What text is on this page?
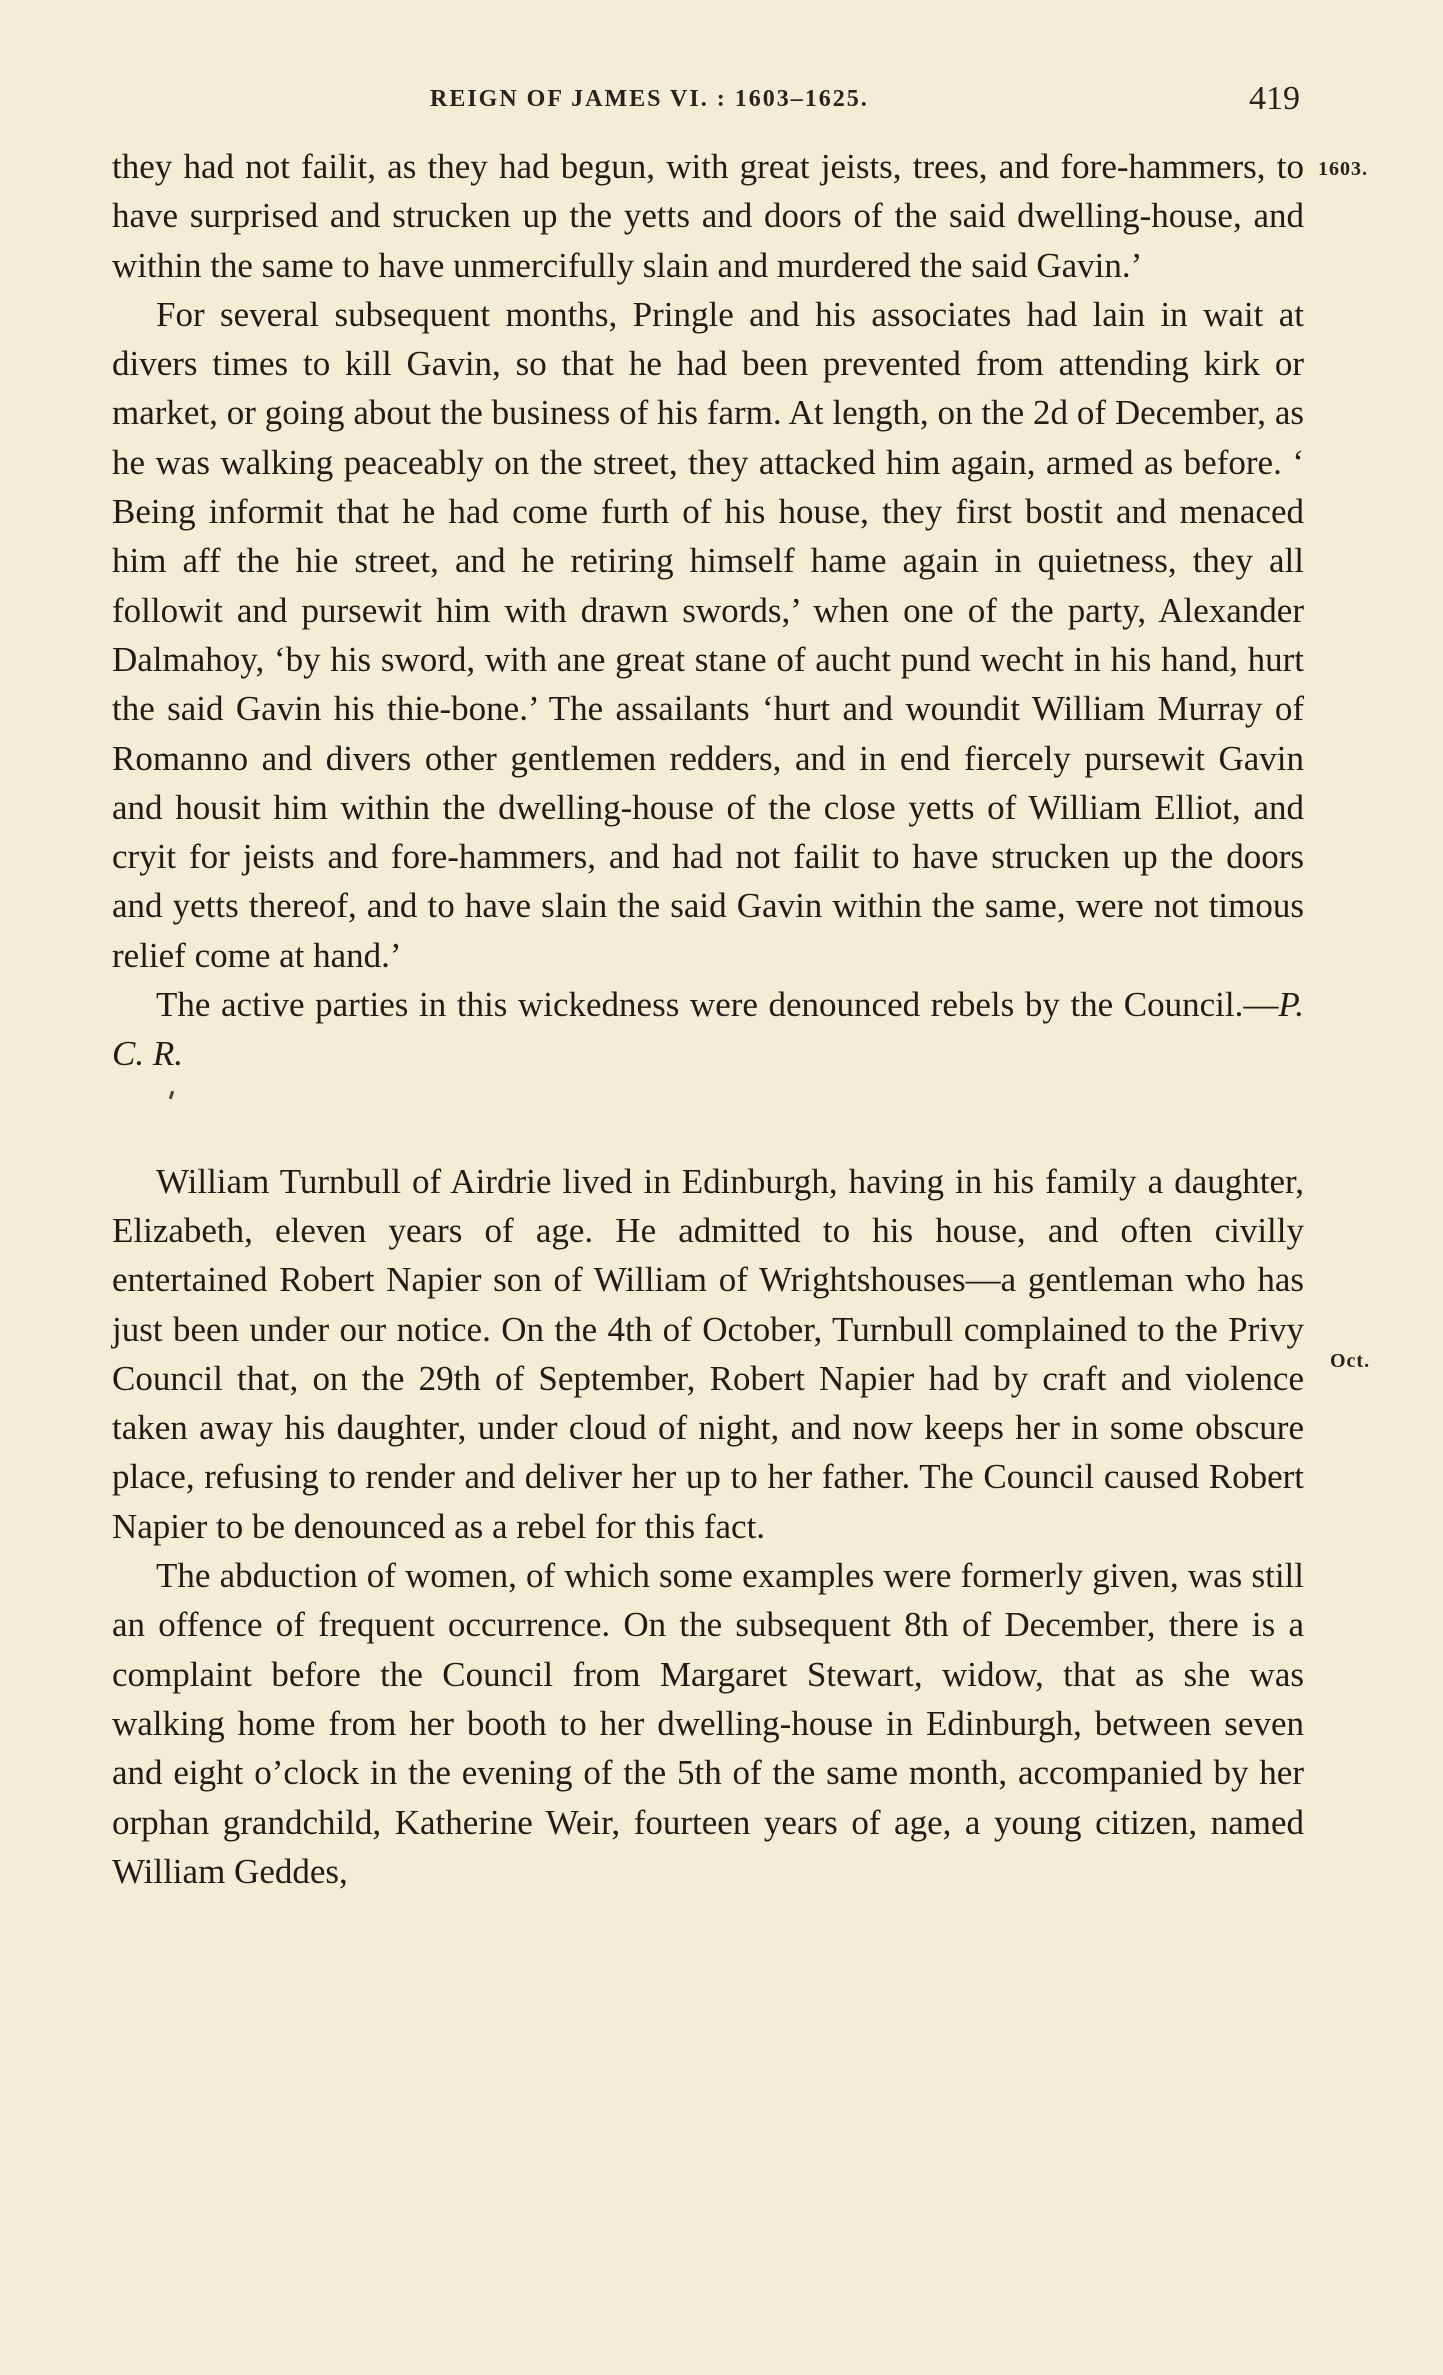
REIGN OF JAMES VI. : 1603–1625.	419
1603.
Oct.

they had not failit, as they had begun, with great jeists, trees, and fore-hammers, to have surprised and strucken up the yetts and doors of the said dwelling-house, and within the same to have unmercifully slain and murdered the said Gavin.’

For several subsequent months, Pringle and his associates had lain in wait at divers times to kill Gavin, so that he had been prevented from attending kirk or market, or going about the business of his farm. At length, on the 2d of December, as he was walking peaceably on the street, they attacked him again, armed as before. ‘ Being informit that he had come furth of his house, they first bostit and menaced him aff the hie street, and he retiring himself hame again in quietness, they all followit and pursewit him with drawn swords,’ when one of the party, Alexander Dalmahoy, ‘by his sword, with ane great stane of aucht pund wecht in his hand, hurt the said Gavin his thie-bone.’ The assailants ‘hurt and woundit William Murray of Romanno and divers other gentlemen redders, and in end fiercely pursewit Gavin and housit him within the dwelling-house of the close yetts of William Elliot, and cryit for jeists and fore-hammers, and had not failit to have strucken up the doors and yetts thereof, and to have slain the said Gavin within the same, were not timous relief come at hand.’

The active parties in this wickedness were denounced rebels by the Council.—P. C. R.

William Turnbull of Airdrie lived in Edinburgh, having in his family a daughter, Elizabeth, eleven years of age. He admitted to his house, and often civilly entertained Robert Napier son of William of Wrightshouses—a gentleman who has just been under our notice. On the 4th of October, Turnbull complained to the Privy Council that, on the 29th of September, Robert Napier had by craft and violence taken away his daughter, under cloud of night, and now keeps her in some obscure place, refusing to render and deliver her up to her father. The Council caused Robert Napier to be denounced as a rebel for this fact.

The abduction of women, of which some examples were formerly given, was still an offence of frequent occurrence. On the subsequent 8th of December, there is a complaint before the Council from Margaret Stewart, widow, that as she was walking home from her booth to her dwelling-house in Edinburgh, between seven and eight o’clock in the evening of the 5th of the same month, accompanied by her orphan grandchild, Katherine Weir, fourteen years of age, a young citizen, named William Geddes,
